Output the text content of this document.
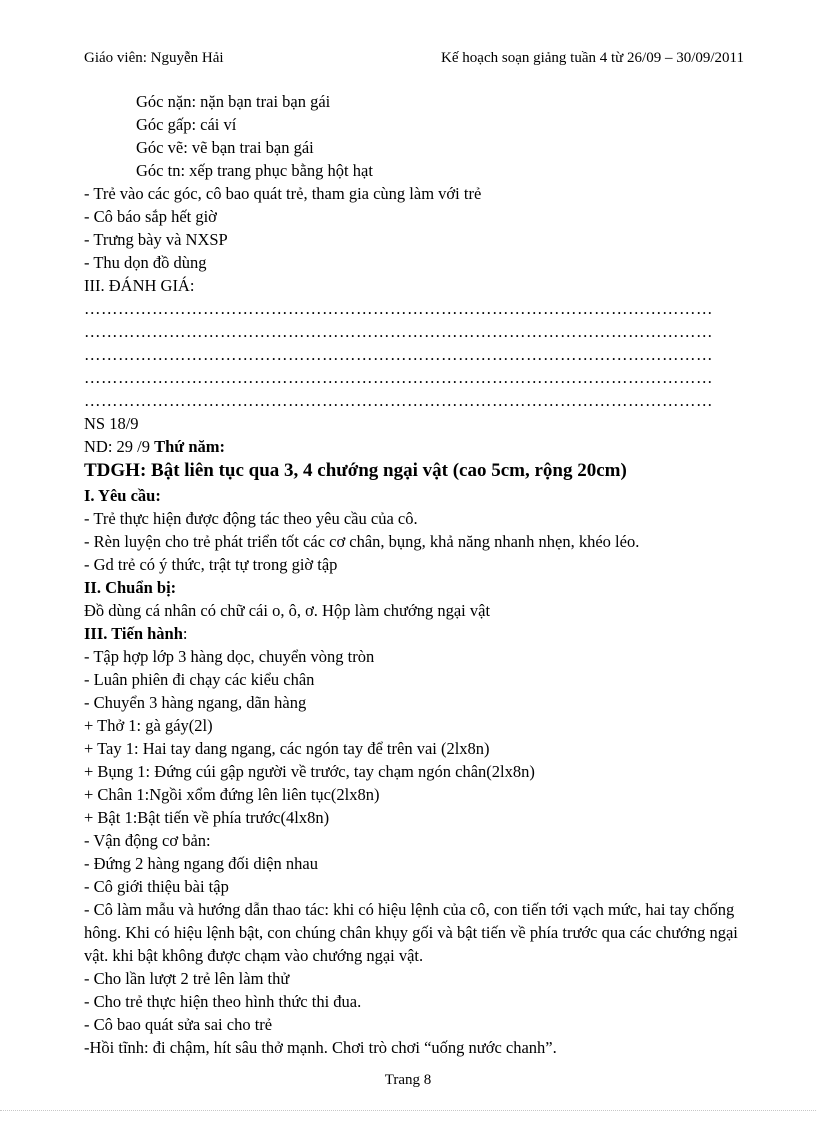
Giáo viên: Nguyễn Hải	Kế hoạch soạn giảng tuần 4 từ 26/09 – 30/09/2011
Góc nặn: nặn bạn trai bạn gái
Góc gấp: cái ví
Góc vẽ: vẽ bạn trai bạn gái
Góc tn: xếp trang phục bằng hột hạt
- Trẻ vào các góc, cô bao quát trẻ, tham gia cùng làm với trẻ
- Cô báo sắp hết giờ
- Trưng bày và NXSP
- Thu dọn đồ dùng
III. ĐÁNH GIÁ:
…………………………………………………………………………………………………
…………………………………………………………………………………………………
…………………………………………………………………………………………………
…………………………………………………………………………………………………
…………………………………………………………………………………………………
NS 18/9
ND: 29 /9 Thứ năm:
TDGH: Bật liên tục qua 3, 4 chướng ngại vật (cao 5cm, rộng 20cm)
I. Yêu cầu:
- Trẻ thực hiện được động tác theo yêu cầu của cô.
- Rèn luyện cho trẻ phát triển tốt các cơ chân, bụng, khả năng nhanh nhẹn, khéo léo.
- Gd trẻ có ý thức, trật tự trong giờ tập
II. Chuẩn bị:
Đồ dùng cá nhân có chữ cái o, ô, ơ. Hộp làm chướng ngại vật
III. Tiến hành:
- Tập hợp lớp 3 hàng dọc, chuyển vòng tròn
- Luân phiên đi chạy các kiểu chân
- Chuyển 3 hàng ngang, dãn hàng
+ Thở 1: gà gáy(2l)
+ Tay 1: Hai tay dang ngang, các ngón tay để trên vai (2lx8n)
+ Bụng 1: Đứng cúi gập người về trước, tay chạm ngón chân(2lx8n)
+ Chân 1:Ngồi xổm đứng lên liên tục(2lx8n)
+ Bật 1:Bật tiến về phía trước(4lx8n)
- Vận động cơ bản:
- Đứng 2 hàng ngang đối diện nhau
- Cô giới thiệu bài tập
- Cô làm mẫu và hướng dẫn thao tác: khi có hiệu lệnh của cô, con tiến tới vạch mức, hai tay chống hông. Khi có hiệu lệnh bật, con chúng chân khụy gối và bật tiến về phía trước qua các chướng ngại vật. khi bật không được chạm vào chướng ngại vật.
- Cho lần lượt 2 trẻ lên làm thử
- Cho trẻ thực hiện theo hình thức thi đua.
- Cô bao quát sửa sai cho trẻ
-Hồi tĩnh: đi chậm, hít sâu thở mạnh. Chơi trò chơi “uống nước chanh”.
Trang 8
